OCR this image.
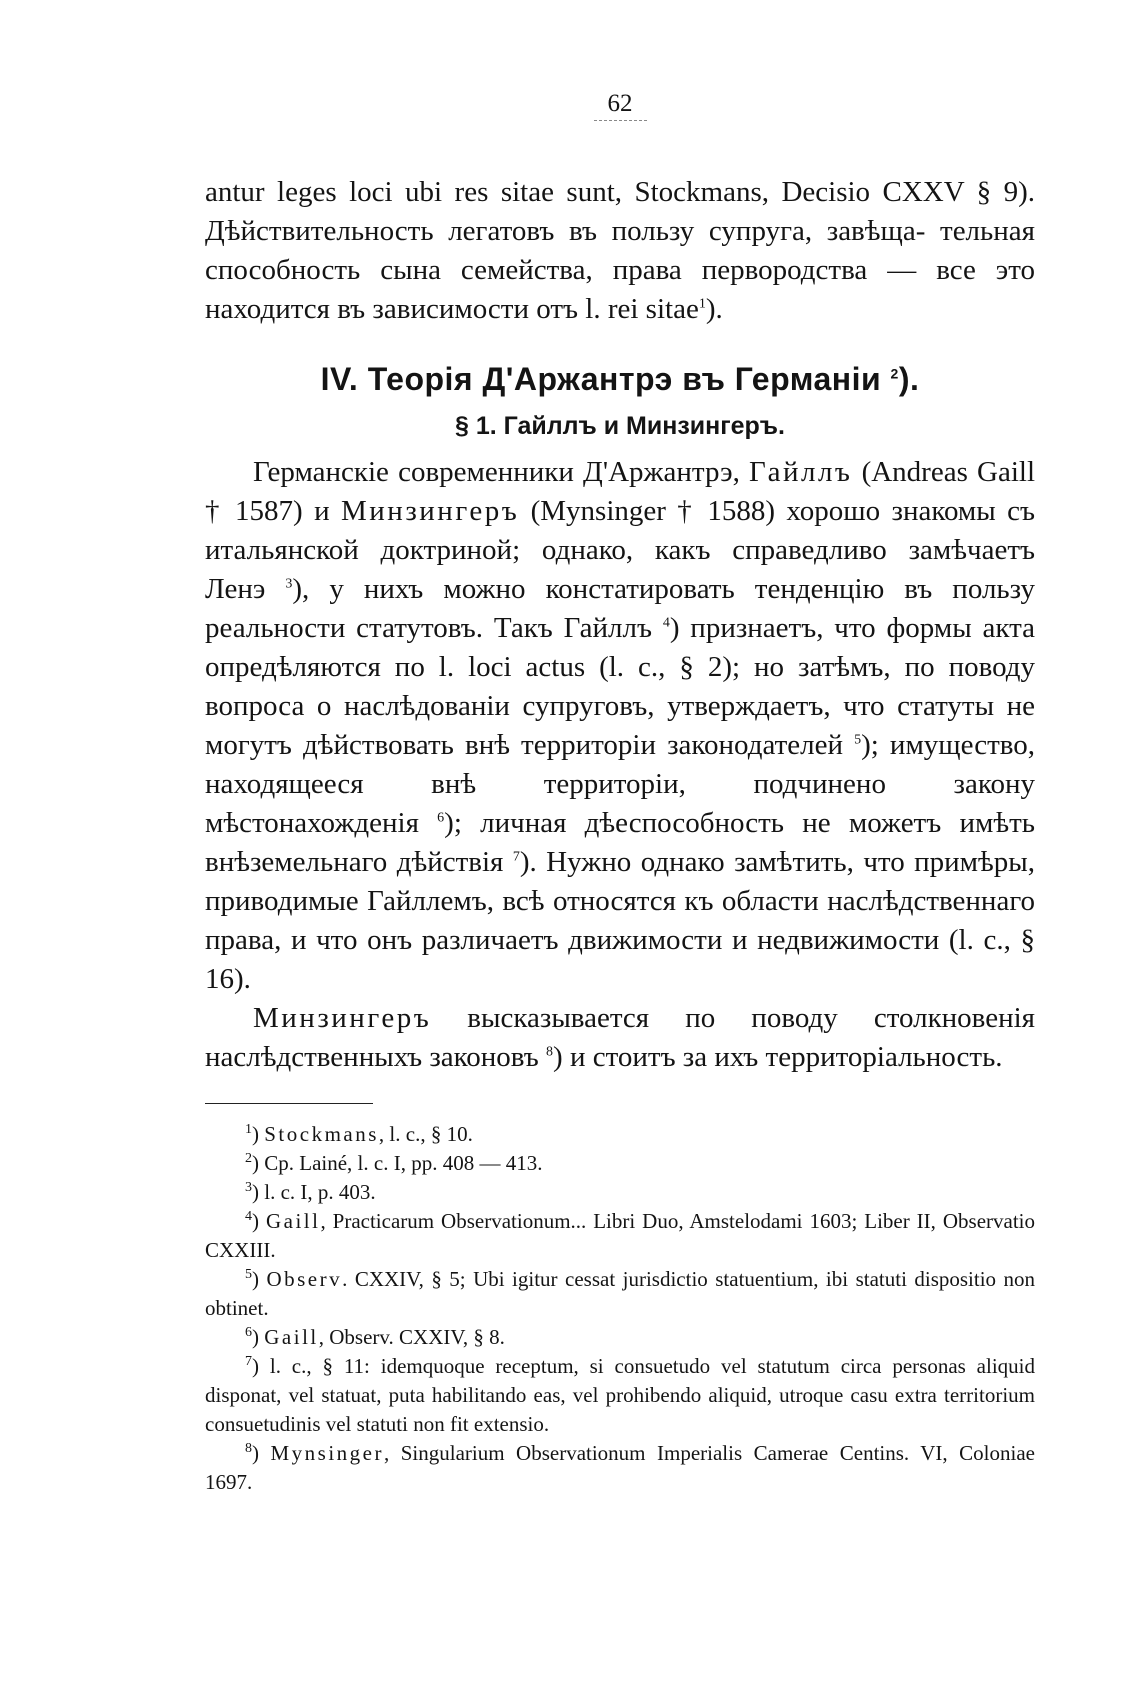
62

antur leges loci ubi res sitae sunt, Stockmans, Decisio CXXV § 9). Дѣйствительность легатовъ въ пользу супруга, завѣща- тельная способность сына семейства, права первородства — все это находится въ зависимости отъ l. rei sitae$^1$).

IV. Теорія Д'Аржантрэ въ Германіи $^2$).
§ 1. Гайллъ и Минзингеръ.

Германскіе современники Д'Аржантрэ, Гайллъ (Andreas Gaill † 1587) и Минзингеръ (Mynsinger † 1588) хорошо знакомы съ итальянской доктриной; однако, какъ справедливо замѣчаетъ Ленэ $^3$), у нихъ можно констатировать тенденцію въ пользу реальности статутовъ. Такъ Гайллъ $^4$) признаетъ, что формы акта опредѣляются по l. loci actus (l. c., § 2); но затѣмъ, по поводу вопроса о наслѣдованіи супруговъ, утверждаетъ, что статуты не могутъ дѣйствовать внѣ территоріи законодателей $^5$); имущество, находящееся внѣ территоріи, подчинено закону мѣстонахожденія $^6$); личная дѣеспособность не можетъ имѣть внѣземельнаго дѣйствія $^7$). Нужно однако замѣтить, что примѣры, приводимые Гайллемъ, всѣ относятся къ области наслѣдственнаго права, и что онъ различаетъ движимости и недвижимости (l. c., § 16).

Минзингеръ высказывается по поводу столкновенія наслѣдственныхъ законовъ $^8$) и стоитъ за ихъ территоріальность.

$^1$) Stockmans, l. c., § 10.

$^2$) Cp. Lainé, l. c. I, pp. 408 — 413.

$^3$) l. c. I, p. 403.

$^4$) Gaill, Practicarum Observationum... Libri Duo, Amstelodami 1603; Liber II, Observatio CXXIII.

$^5$) Observ. CXXIV, § 5; Ubi igitur cessat jurisdictio statuentium, ibi statuti dispositio non obtinet.

$^6$) Gaill, Observ. CXXIV, § 8.

$^7$) l. c., § 11: idemquoque receptum, si consuetudo vel statutum circa personas aliquid disponat, vel statuat, puta habilitando eas, vel prohibendo aliquid, utroque casu extra territorium consuetudinis vel statuti non fit extensio.

$^8$) Mynsinger, Singularium Observationum Imperialis Camerae Centins. VI, Coloniae 1697.
